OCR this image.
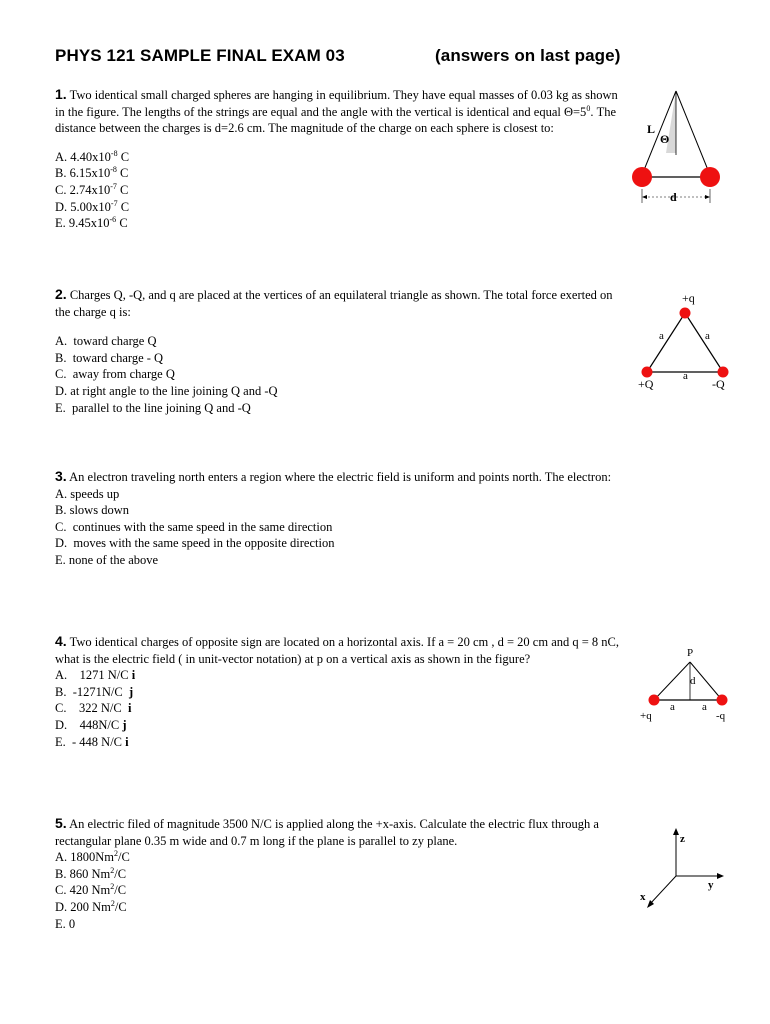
PHYS 121 SAMPLE FINAL EXAM 03	(answers on last page)

1. Two identical small charged spheres are hanging in equilibrium. They have equal masses of 0.03 kg as shown in the figure. The lengths of the strings are equal and the angle with the vertical is identical and equal $\Theta=5^0$. The distance between the charges is d=2.6 cm. The magnitude of the charge on each sphere is closest to:

A. $4.40x10^{-8}$ C
B. $6.15x10^{-8}$ C
C. $2.74x10^{-7}$ C
D. $5.00x10^{-7}$ C
E. $9.45x10^{-6}$ C
L
Θ
d

2. Charges Q, -Q, and q are placed at the vertices of an equilateral triangle as shown. The total force exerted on the charge q is:

A.  toward charge Q
B.  toward charge - Q
C.  away from charge Q
D. at right angle to the line joining Q and -Q
E.  parallel to the line joining Q and -Q
+q
a	a
a
+Q	-Q

3. An electron traveling north enters a region where the electric field is uniform and points north. The electron:

A. speeds up
B. slows down
C.  continues with the same speed in the same direction
D.  moves with the same speed in the opposite direction
E. none of the above

4. Two identical charges of opposite sign are located on a horizontal axis. If a = 20 cm , d = 20 cm and q = 8 nC, what is the electric field ( in unit-vector notation) at p on a vertical axis as shown in the figure?

A.    1271 N/C i
B.  -1271N/C  j
C.    322 N/C  i
D.    448N/C j
E.  - 448 N/C i
P
d
a a
+q	-q

5. An electric filed of magnitude 3500 N/C is applied along the +x-axis. Calculate the electric flux through a rectangular plane 0.35 m wide and 0.7 m long if the plane is parallel to zy plane.

A. 1800Nm$^2$/C
B. 860 Nm$^2$/C
C. 420 Nm$^2$/C
D. 200 Nm$^2$/C
E. 0
z
y
x
